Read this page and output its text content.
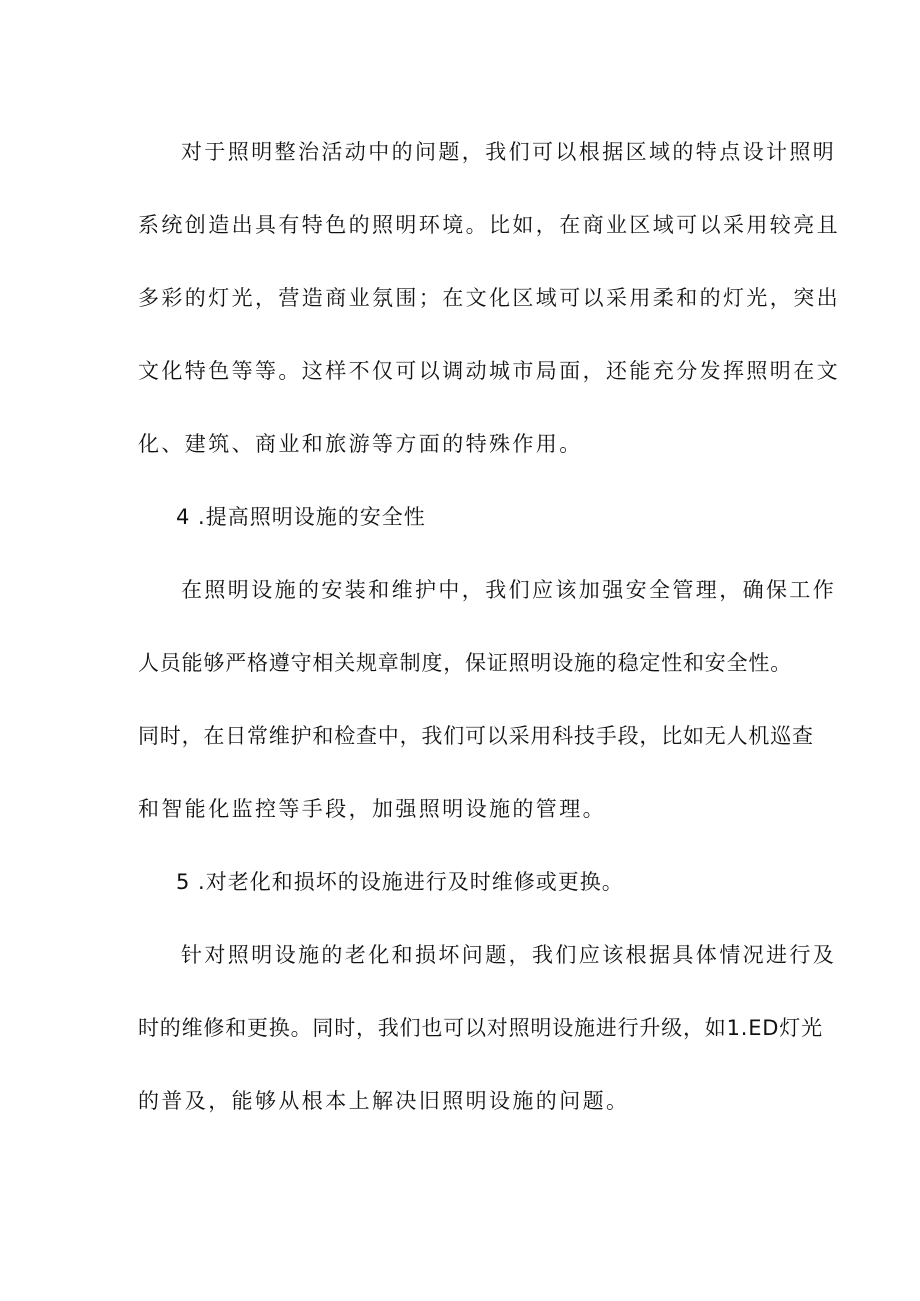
对于照明整治活动中的问题，我们可以根据区域的特点设计照明
系统创造出具有特色的照明环境。比如，在商业区域可以采用较亮且
多彩的灯光，营造商业氛围；在文化区域可以采用柔和的灯光，突出
文化特色等等。这样不仅可以调动城市局面，还能充分发挥照明在文
化、建筑、商业和旅游等方面的特殊作用。
4 .提高照明设施的安全性
在照明设施的安装和维护中，我们应该加强安全管理，确保工作
人员能够严格遵守相关规章制度，保证照明设施的稳定性和安全性。
同时，在日常维护和检查中，我们可以采用科技手段，比如无人机巡查
和智能化监控等手段，加强照明设施的管理。
5 .对老化和损坏的设施进行及时维修或更换。
针对照明设施的老化和损坏问题，我们应该根据具体情况进行及
时的维修和更换。同时，我们也可以对照明设施进行升级，如1.ED灯光
的普及，能够从根本上解决旧照明设施的问题。
